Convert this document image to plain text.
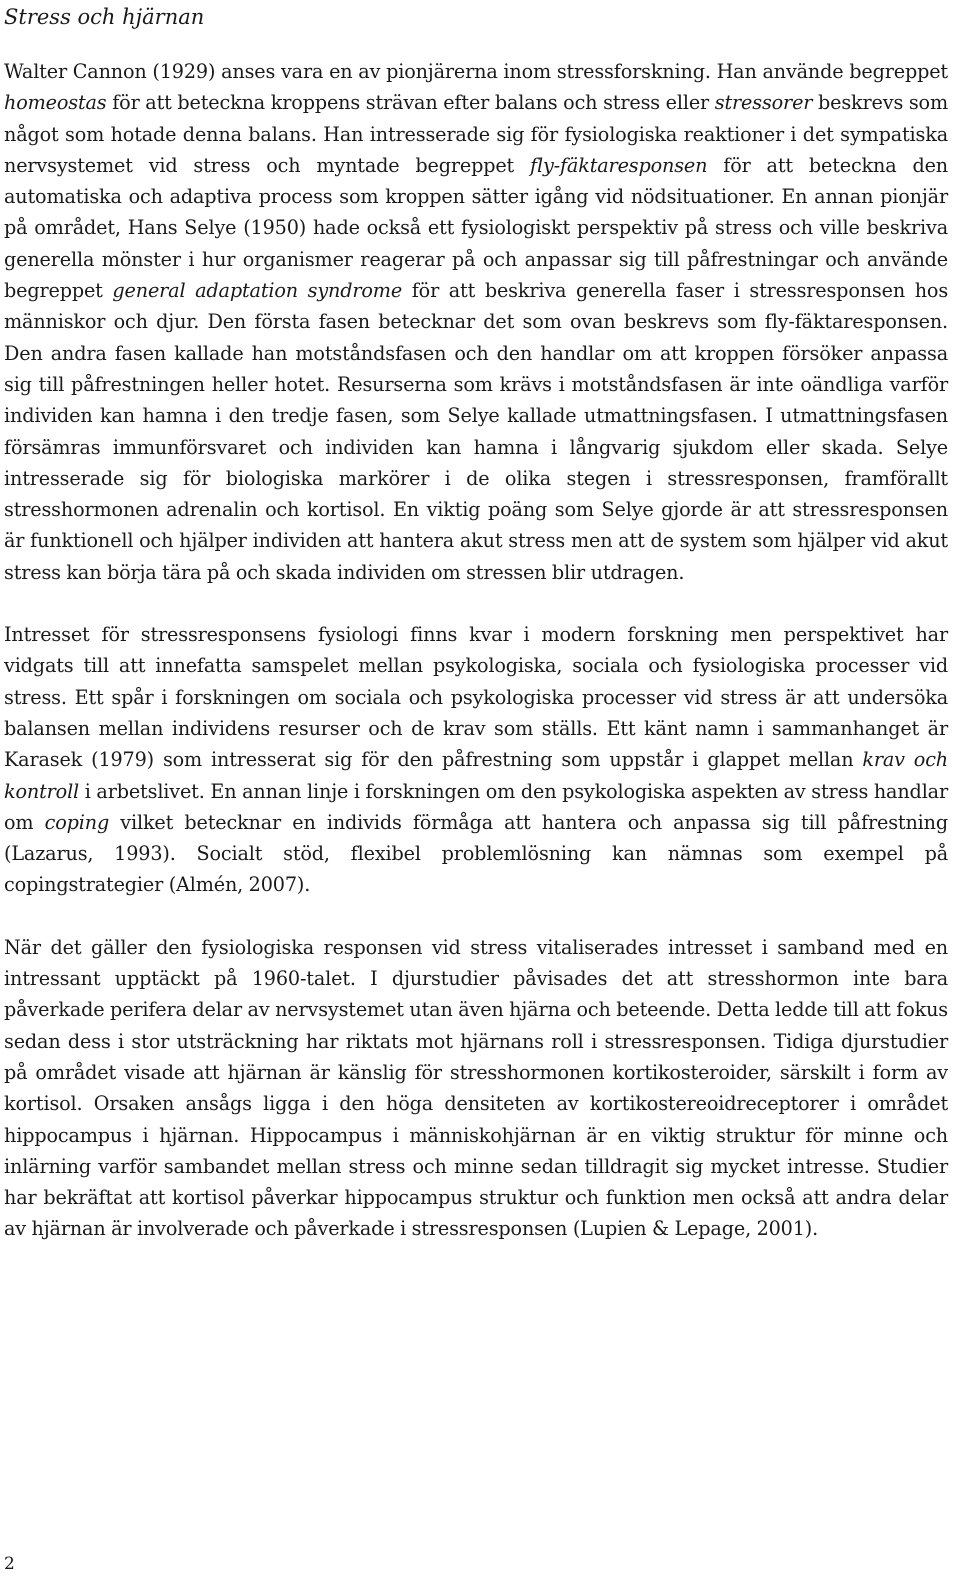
Stress och hjärnan

Walter Cannon (1929) anses vara en av pionjärerna inom stressforskning. Han använde begreppet homeostas för att beteckna kroppens strävan efter balans och stress eller stressorer beskrevs som något som hotade denna balans. Han intresserade sig för fysiologiska reaktioner i det sympatiska nervsystemet vid stress och myntade begreppet fly-fäktaresponsen för att beteckna den automatiska och adaptiva process som kroppen sätter igång vid nödsituationer. En annan pionjär på området, Hans Selye (1950) hade också ett fysiologiskt perspektiv på stress och ville beskriva generella mönster i hur organismer reagerar på och anpassar sig till påfrestningar och använde begreppet general adaptation syndrome för att beskriva generella faser i stressresponsen hos människor och djur. Den första fasen betecknar det som ovan beskrevs som fly-fäktaresponsen. Den andra fasen kallade han motståndsfasen och den handlar om att kroppen försöker anpassa sig till påfrestningen heller hotet. Resurserna som krävs i motståndsfasen är inte oändliga varför individen kan hamna i den tredje fasen, som Selye kallade utmattningsfasen. I utmattningsfasen försämras immunförsvaret och individen kan hamna i långvarig sjukdom eller skada. Selye intresserade sig för biologiska markörer i de olika stegen i stressresponsen, framförallt stresshormonen adrenalin och kortisol. En viktig poäng som Selye gjorde är att stressresponsen är funktionell och hjälper individen att hantera akut stress men att de system som hjälper vid akut stress kan börja tära på och skada individen om stressen blir utdragen.

Intresset för stressresponsens fysiologi finns kvar i modern forskning men perspektivet har vidgats till att innefatta samspelet mellan psykologiska, sociala och fysiologiska processer vid stress. Ett spår i forskningen om sociala och psykologiska processer vid stress är att undersöka balansen mellan individens resurser och de krav som ställs. Ett känt namn i sammanhanget är Karasek (1979) som intresserat sig för den påfrestning som uppstår i glappet mellan krav och kontroll i arbetslivet. En annan linje i forskningen om den psykologiska aspekten av stress handlar om coping vilket betecknar en individs förmåga att hantera och anpassa sig till påfrestning (Lazarus, 1993). Socialt stöd, flexibel problemlösning kan nämnas som exempel på copingstrategier (Almén, 2007).

När det gäller den fysiologiska responsen vid stress vitaliserades intresset i samband med en intressant upptäckt på 1960-talet. I djurstudier påvisades det att stresshormon inte bara påverkade perifera delar av nervsystemet utan även hjärna och beteende. Detta ledde till att fokus sedan dess i stor utsträckning har riktats mot hjärnans roll i stressresponsen. Tidiga djurstudier på området visade att hjärnan är känslig för stresshormonen kortikosteroider, särskilt i form av kortisol. Orsaken ansågs ligga i den höga densiteten av kortikostereoidreceptorer i området hippocampus i hjärnan. Hippocampus i människohjärnan är en viktig struktur för minne och inlärning varför sambandet mellan stress och minne sedan tilldragit sig mycket intresse. Studier har bekräftat att kortisol påverkar hippocampus struktur och funktion men också att andra delar av hjärnan är involverade och påverkade i stressresponsen (Lupien & Lepage, 2001).

2
